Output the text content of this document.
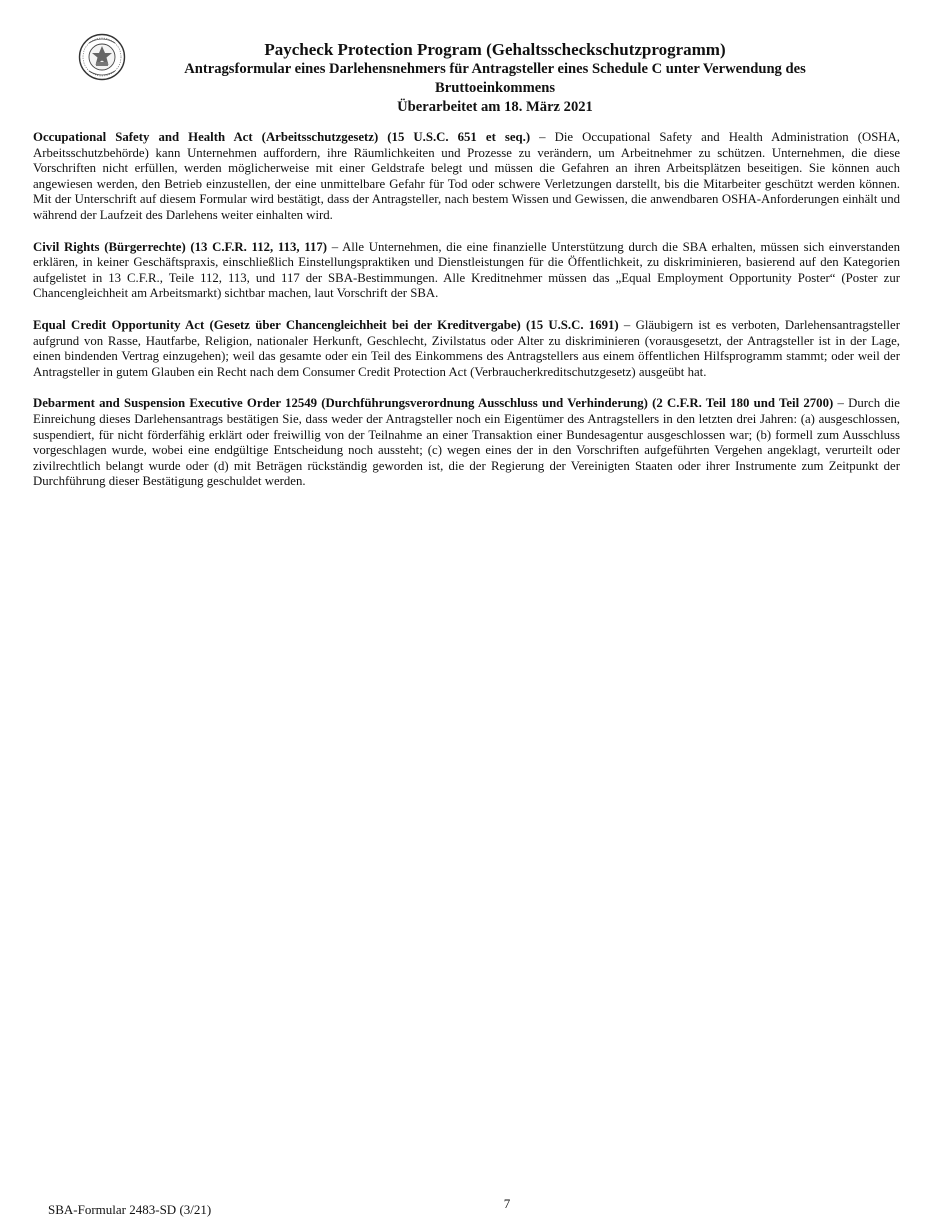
Paycheck Protection Program (Gehaltsscheckschutzprogramm)
Antragsformular eines Darlehensnehmers für Antragsteller eines Schedule C unter Verwendung des
Bruttoeinkommens
Überarbeitet am 18. März 2021

Occupational Safety and Health Act (Arbeitsschutzgesetz) (15 U.S.C. 651 et seq.) – Die Occupational Safety and Health Administration (OSHA, Arbeitsschutzbehörde) kann Unternehmen auffordern, ihre Räumlichkeiten und Prozesse zu verändern, um Arbeitnehmer zu schützen. Unternehmen, die diese Vorschriften nicht erfüllen, werden möglicherweise mit einer Geldstrafe belegt und müssen die Gefahren an ihren Arbeitsplätzen beseitigen. Sie können auch angewiesen werden, den Betrieb einzustellen, der eine unmittelbare Gefahr für Tod oder schwere Verletzungen darstellt, bis die Mitarbeiter geschützt werden können. Mit der Unterschrift auf diesem Formular wird bestätigt, dass der Antragsteller, nach bestem Wissen und Gewissen, die anwendbaren OSHA-Anforderungen einhält und während der Laufzeit des Darlehens weiter einhalten wird.

Civil Rights (Bürgerrechte) (13 C.F.R. 112, 113, 117) – Alle Unternehmen, die eine finanzielle Unterstützung durch die SBA erhalten, müssen sich einverstanden erklären, in keiner Geschäftspraxis, einschließlich Einstellungspraktiken und Dienstleistungen für die Öffentlichkeit, zu diskriminieren, basierend auf den Kategorien aufgelistet in 13 C.F.R., Teile 112, 113, und 117 der SBA-Bestimmungen. Alle Kreditnehmer müssen das „Equal Employment Opportunity Poster“ (Poster zur Chancengleichheit am Arbeitsmarkt) sichtbar machen, laut Vorschrift der SBA.

Equal Credit Opportunity Act (Gesetz über Chancengleichheit bei der Kreditvergabe) (15 U.S.C. 1691) – Gläubigern ist es verboten, Darlehensantragsteller aufgrund von Rasse, Hautfarbe, Religion, nationaler Herkunft, Geschlecht, Zivilstatus oder Alter zu diskriminieren (vorausgesetzt, der Antragsteller ist in der Lage, einen bindenden Vertrag einzugehen); weil das gesamte oder ein Teil des Einkommens des Antragstellers aus einem öffentlichen Hilfsprogramm stammt; oder weil der Antragsteller in gutem Glauben ein Recht nach dem Consumer Credit Protection Act (Verbraucherkreditschutzgesetz) ausgeübt hat.

Debarment and Suspension Executive Order 12549 (Durchführungsverordnung Ausschluss und Verhinderung) (2 C.F.R. Teil 180 und Teil 2700) – Durch die Einreichung dieses Darlehensantrags bestätigen Sie, dass weder der Antragsteller noch ein Eigentümer des Antragstellers in den letzten drei Jahren: (a) ausgeschlossen, suspendiert, für nicht förderfähig erklärt oder freiwillig von der Teilnahme an einer Transaktion einer Bundesagentur ausgeschlossen war; (b) formell zum Ausschluss vorgeschlagen wurde, wobei eine endgültige Entscheidung noch aussteht; (c) wegen eines der in den Vorschriften aufgeführten Vergehen angeklagt, verurteilt oder zivilrechtlich belangt wurde oder (d) mit Beträgen rückständig geworden ist, die der Regierung der Vereinigten Staaten oder ihrer Instrumente zum Zeitpunkt der Durchführung dieser Bestätigung geschuldet werden.

SBA-Formular 2483-SD (3/21)	7
